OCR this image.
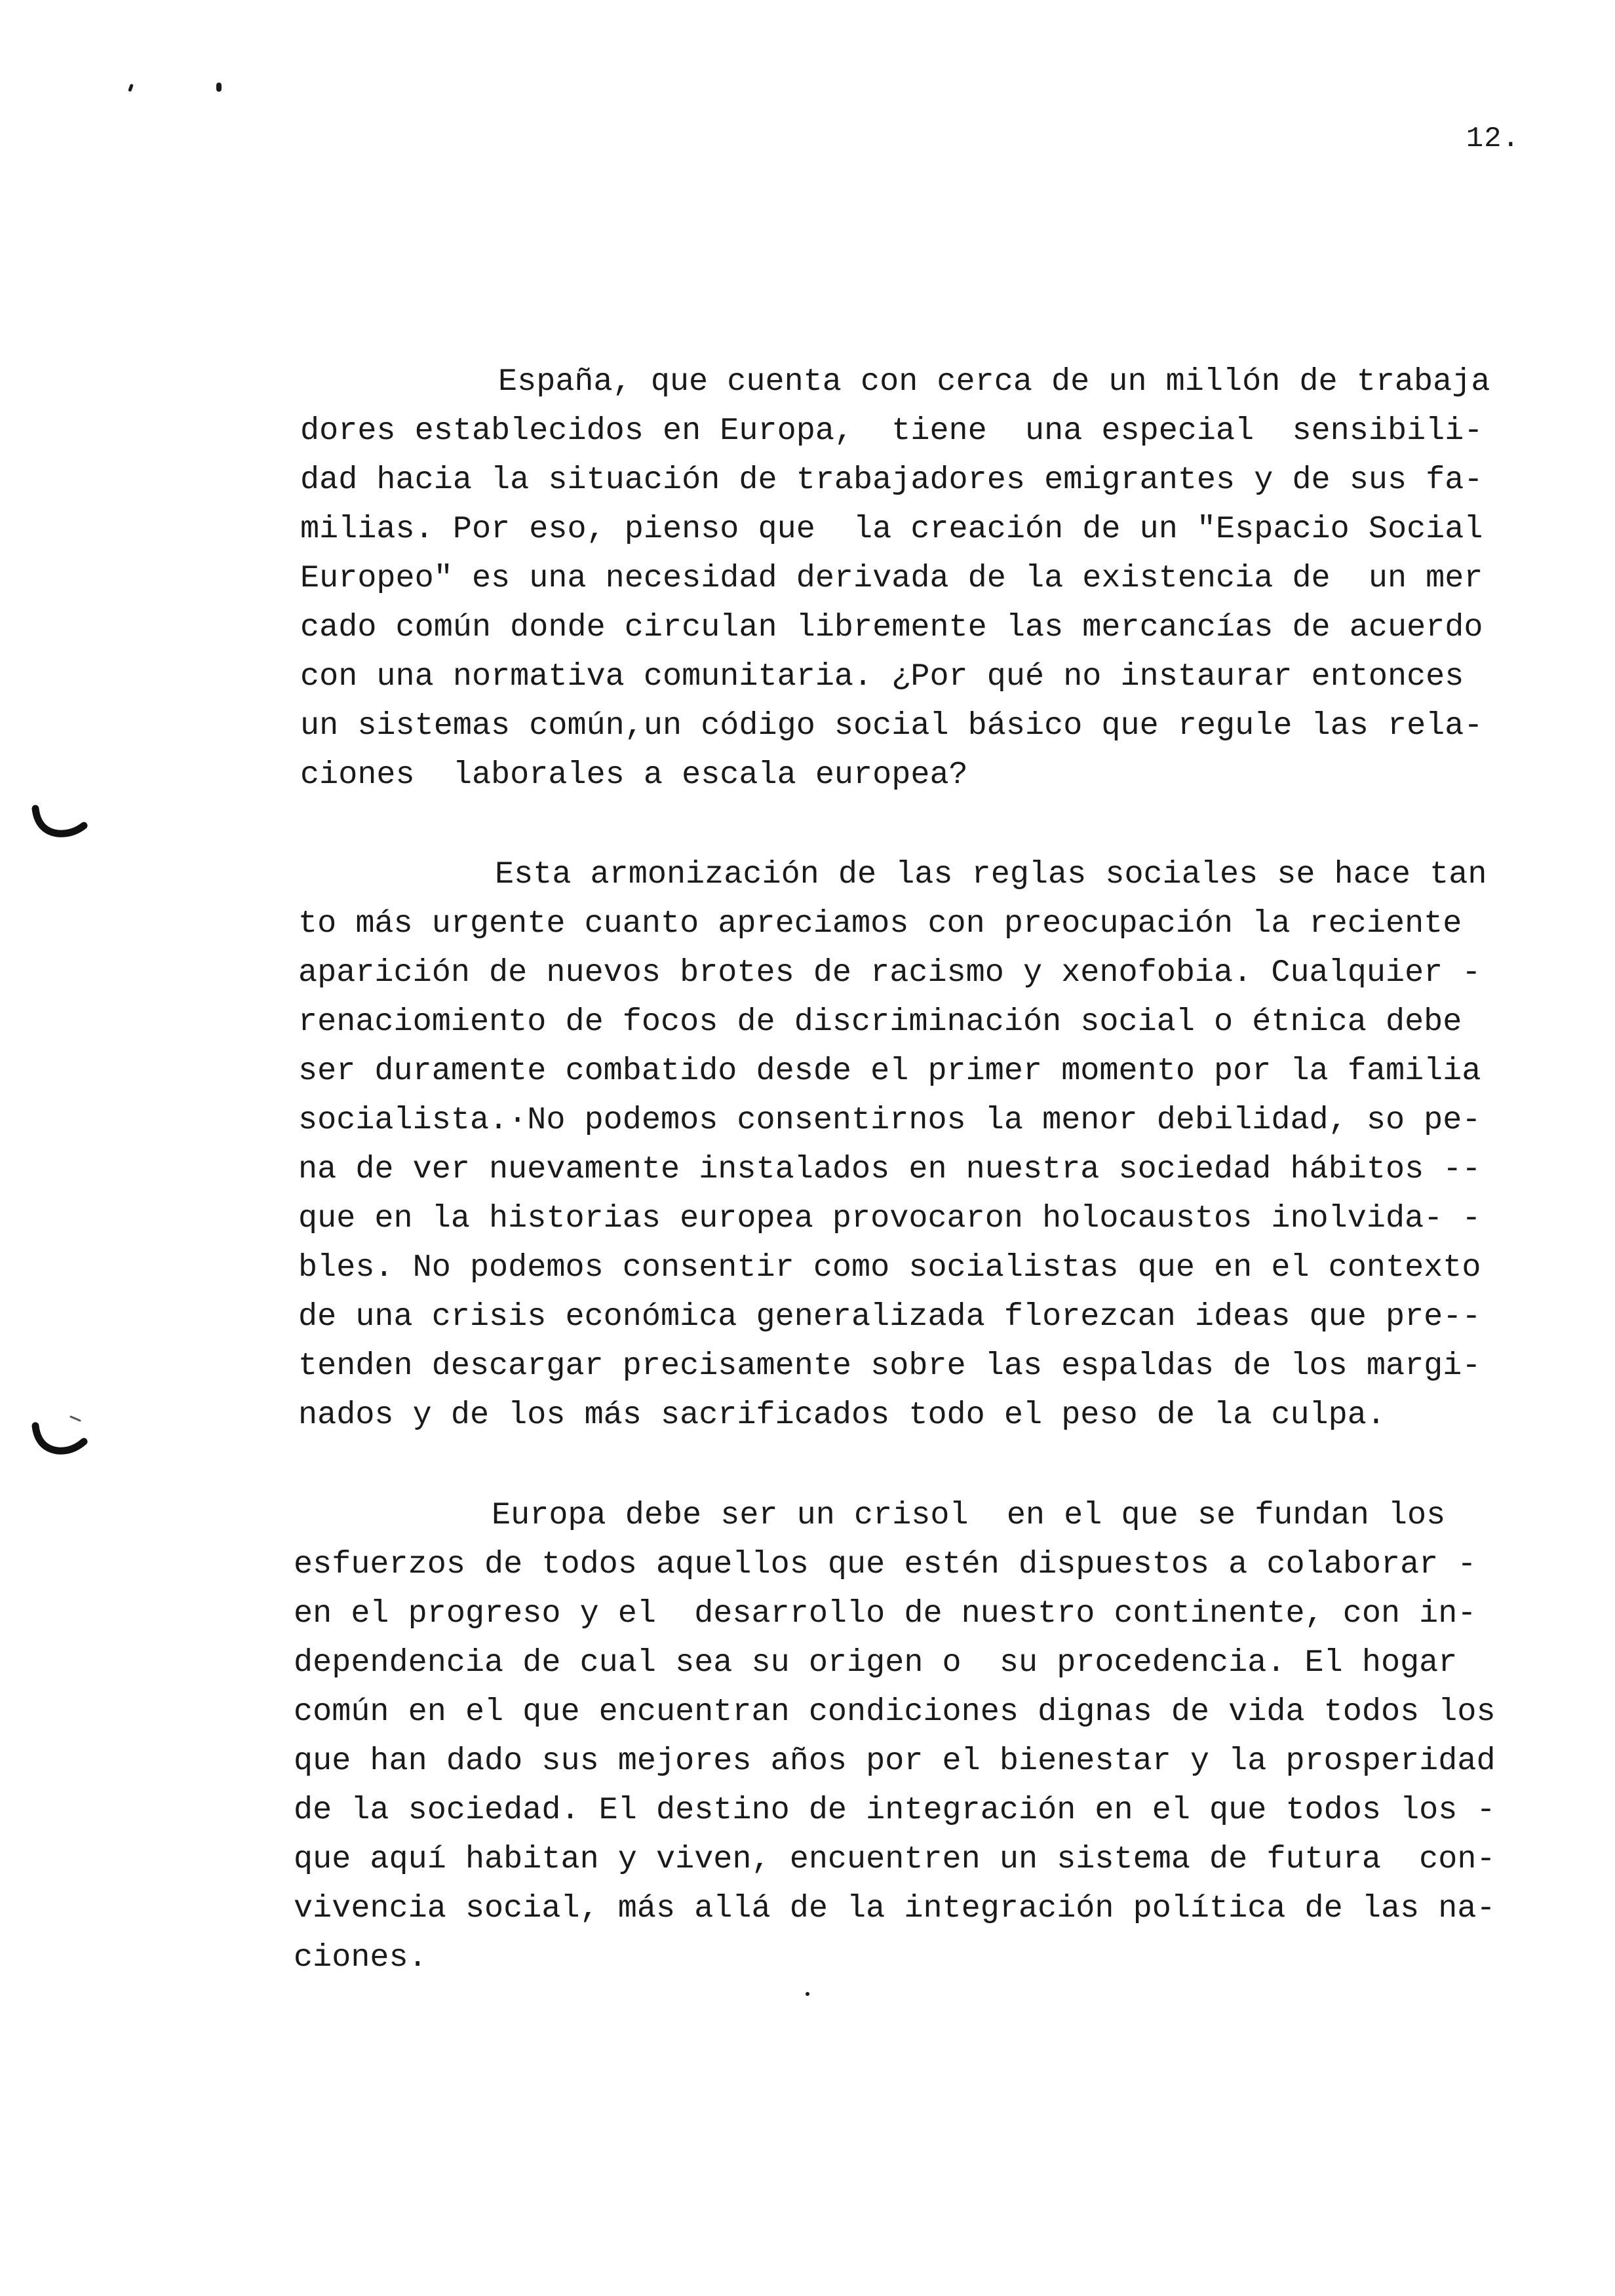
12.
España, que cuenta con cerca de un millón de trabaja
dores establecidos en Europa,  tiene  una especial  sensibili-
dad hacia la situación de trabajadores emigrantes y de sus fa-
milias. Por eso, pienso que  la creación de un "Espacio Social
Europeo" es una necesidad derivada de la existencia de  un mer
cado común donde circulan libremente las mercancías de acuerdo
con una normativa comunitaria. ¿Por qué no instaurar entonces
un sistemas común,un código social básico que regule las rela-
ciones  laborales a escala europea?
Esta armonización de las reglas sociales se hace tan
to más urgente cuanto apreciamos con preocupación la reciente
aparición de nuevos brotes de racismo y xenofobia. Cualquier -
renaciomiento de focos de discriminación social o étnica debe
ser duramente combatido desde el primer momento por la familia
socialista.·No podemos consentirnos la menor debilidad, so pe-
na de ver nuevamente instalados en nuestra sociedad hábitos --
que en la historias europea provocaron holocaustos inolvida- -
bles. No podemos consentir como socialistas que en el contexto
de una crisis económica generalizada florezcan ideas que pre--
tenden descargar precisamente sobre las espaldas de los margi-
nados y de los más sacrificados todo el peso de la culpa.
Europa debe ser un crisol  en el que se fundan los
esfuerzos de todos aquellos que estén dispuestos a colaborar -
en el progreso y el  desarrollo de nuestro continente, con in-
dependencia de cual sea su origen o  su procedencia. El hogar
común en el que encuentran condiciones dignas de vida todos los
que han dado sus mejores años por el bienestar y la prosperidad
de la sociedad. El destino de integración en el que todos los -
que aquí habitan y viven, encuentren un sistema de futura  con-
vivencia social, más allá de la integración política de las na-
ciones.
